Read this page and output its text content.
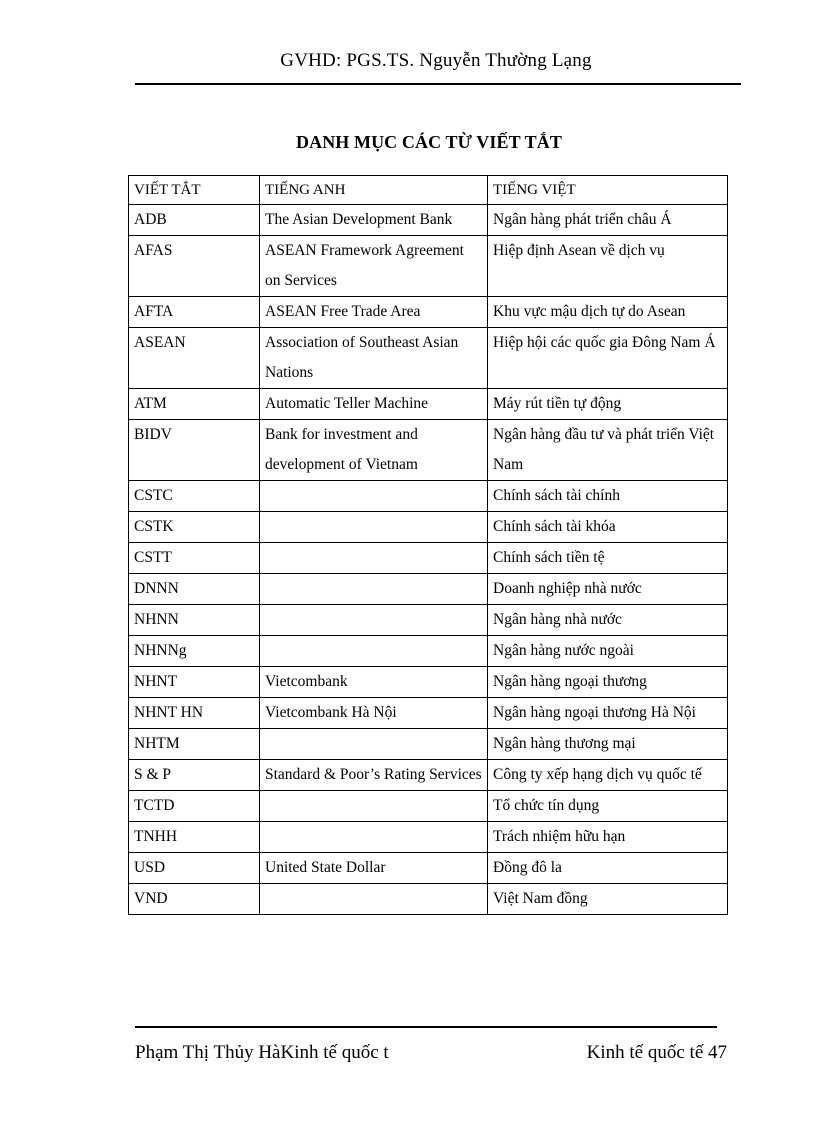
GVHD: PGS.TS. Nguyễn Thường Lạng
DANH MỤC CÁC TỪ VIẾT TẮT
VIẾT TẮT	TIẾNG ANH	TIẾNG VIỆT
ADB	The Asian Development Bank	Ngân hàng phát triển châu Á
AFAS	ASEAN Framework Agreement on Services	Hiệp định Asean về dịch vụ
AFTA	ASEAN Free Trade Area	Khu vực mậu dịch tự do Asean
ASEAN	Association of Southeast Asian Nations	Hiệp hội các quốc gia Đông Nam Á
ATM	Automatic Teller Machine	Máy rút tiền tự động
BIDV	Bank for investment and development of Vietnam	Ngân hàng đầu tư và phát triển Việt Nam
CSTC		Chính sách tài chính
CSTK		Chính sách tài khóa
CSTT		Chính sách tiền tệ
DNNN		Doanh nghiệp nhà nước
NHNN		Ngân hàng nhà nước
NHNNg		Ngân hàng nước ngoài
NHNT	Vietcombank	Ngân hàng ngoại thương
NHNT HN	Vietcombank Hà Nội	Ngân hàng ngoại thương Hà Nội
NHTM		Ngân hàng thương mại
S & P	Standard & Poor’s Rating Services	Công ty xếp hạng dịch vụ quốc tế
TCTD		Tổ chức tín dụng
TNHH		Trách nhiệm hữu hạn
USD	United State Dollar	Đồng đô la
VND		Việt Nam đồng
Phạm Thị Thủy HàKinh tế quốc t	Kinh tế quốc tế 47
